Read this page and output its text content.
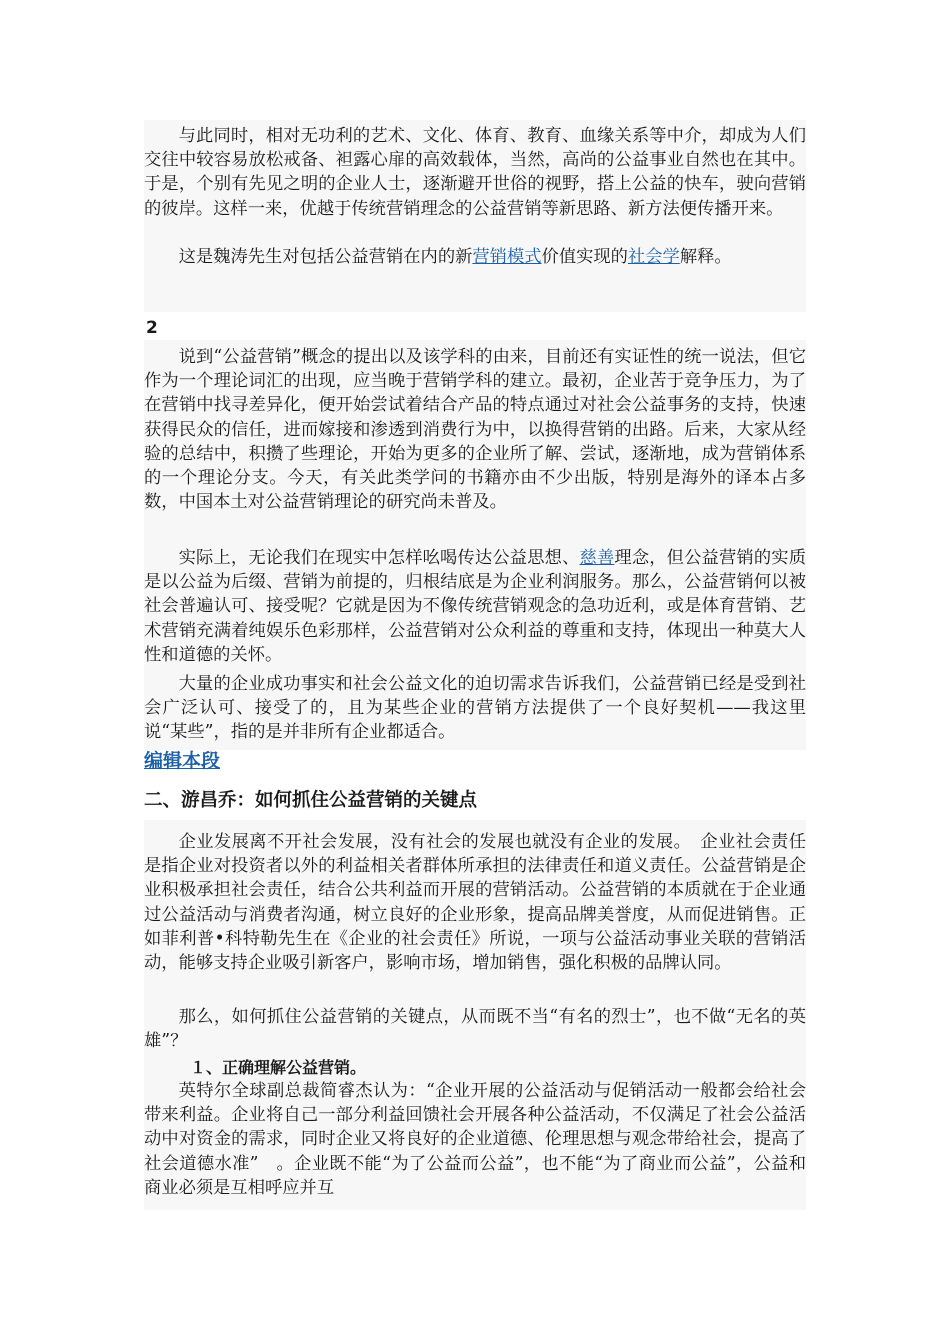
与此同时，相对无功利的艺术、文化、体育、教育、血缘关系等中介，却成为人们交往中较容易放松戒备、袒露心扉的高效载体，当然，高尚的公益事业自然也在其中。于是，个别有先见之明的企业人士，逐渐避开世俗的视野，搭上公益的快车，驶向营销的彼岸。这样一来，优越于传统营销理念的公益营销等新思路、新方法便传播开来。

这是魏涛先生对包括公益营销在内的新营销模式价值实现的社会学解释。

2

说到“公益营销”概念的提出以及该学科的由来，目前还有实证性的统一说法，但它作为一个理论词汇的出现，应当晚于营销学科的建立。最初，企业苦于竞争压力，为了在营销中找寻差异化，便开始尝试着结合产品的特点通过对社会公益事务的支持，快速获得民众的信任，进而嫁接和渗透到消费行为中，以换得营销的出路。后来，大家从经验的总结中，积攒了些理论，开始为更多的企业所了解、尝试，逐渐地，成为营销体系的一个理论分支。今天，有关此类学问的书籍亦由不少出版，特别是海外的译本占多数，中国本土对公益营销理论的研究尚未普及。

实际上，无论我们在现实中怎样吆喝传达公益思想、慈善理念，但公益营销的实质是以公益为后缀、营销为前提的，归根结底是为企业利润服务。那么，公益营销何以被社会普遍认可、接受呢？它就是因为不像传统营销观念的急功近利，或是体育营销、艺术营销充满着纯娱乐色彩那样，公益营销对公众利益的尊重和支持，体现出一种莫大人性和道德的关怀。

大量的企业成功事实和社会公益文化的迫切需求告诉我们，公益营销已经是受到社会广泛认可、接受了的，且为某些企业的营销方法提供了一个良好契机——我这里说“某些”，指的是并非所有企业都适合。

编辑本段
二、游昌乔：如何抓住公益营销的关键点

企业发展离不开社会发展，没有社会的发展也就没有企业的发展。　企业社会责任是指企业对投资者以外的利益相关者群体所承担的法律责任和道义责任。公益营销是企业积极承担社会责任，结合公共利益而开展的营销活动。公益营销的本质就在于企业通过公益活动与消费者沟通，树立良好的企业形象，提高品牌美誉度，从而促进销售。正如菲利普•科特勒先生在《企业的社会责任》所说，一项与公益活动事业关联的营销活动，能够支持企业吸引新客户，影响市场，增加销售，强化积极的品牌认同。

那么，如何抓住公益营销的关键点，从而既不当“有名的烈士”，也不做“无名的英雄”？

１、正确理解公益营销。

英特尔全球副总裁简睿杰认为：“企业开展的公益活动与促销活动一般都会给社会带来利益。企业将自己一部分利益回馈社会开展各种公益活动，不仅满足了社会公益活动中对资金的需求，同时企业又将良好的企业道德、伦理思想与观念带给社会，提高了社会道德水准”　。企业既不能“为了公益而公益”，也不能“为了商业而公益”，公益和商业必须是互相呼应并互
